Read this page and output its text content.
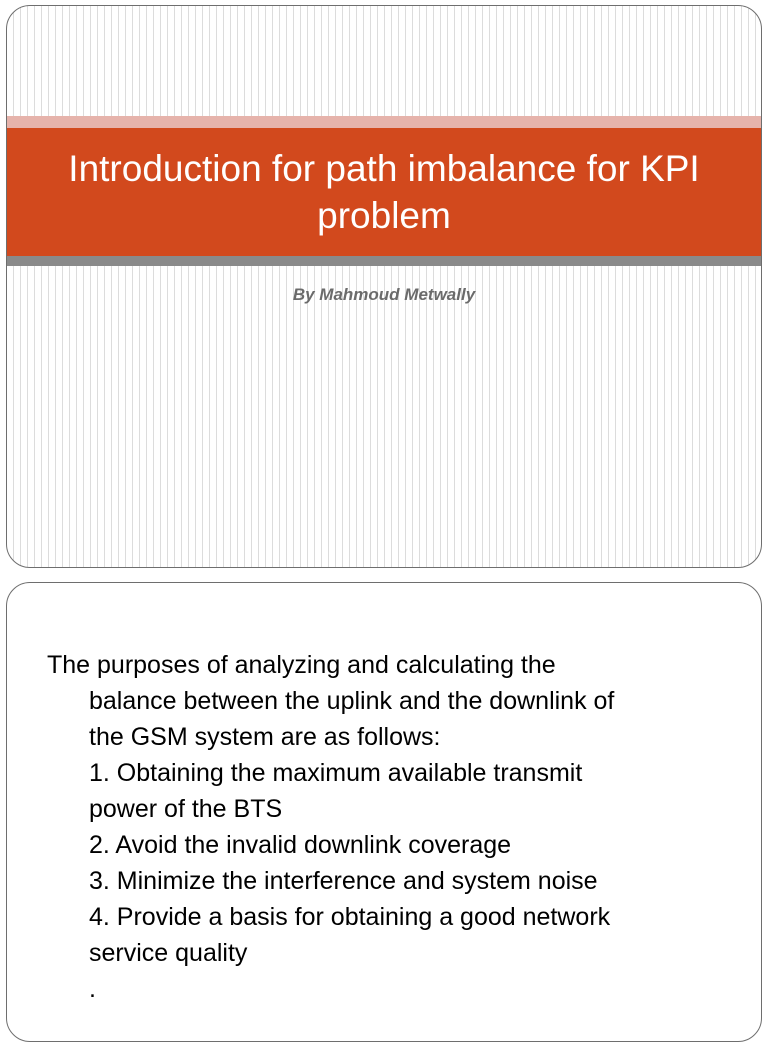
Introduction for path imbalance for KPI problem
By Mahmoud Metwally
The purposes of analyzing and calculating the
balance between the uplink and the downlink of
the GSM system are as follows:
1. Obtaining the maximum available transmit
power of the BTS
2. Avoid the invalid downlink coverage
3. Minimize the interference and system noise
4. Provide a basis for obtaining a good network
service quality
.
